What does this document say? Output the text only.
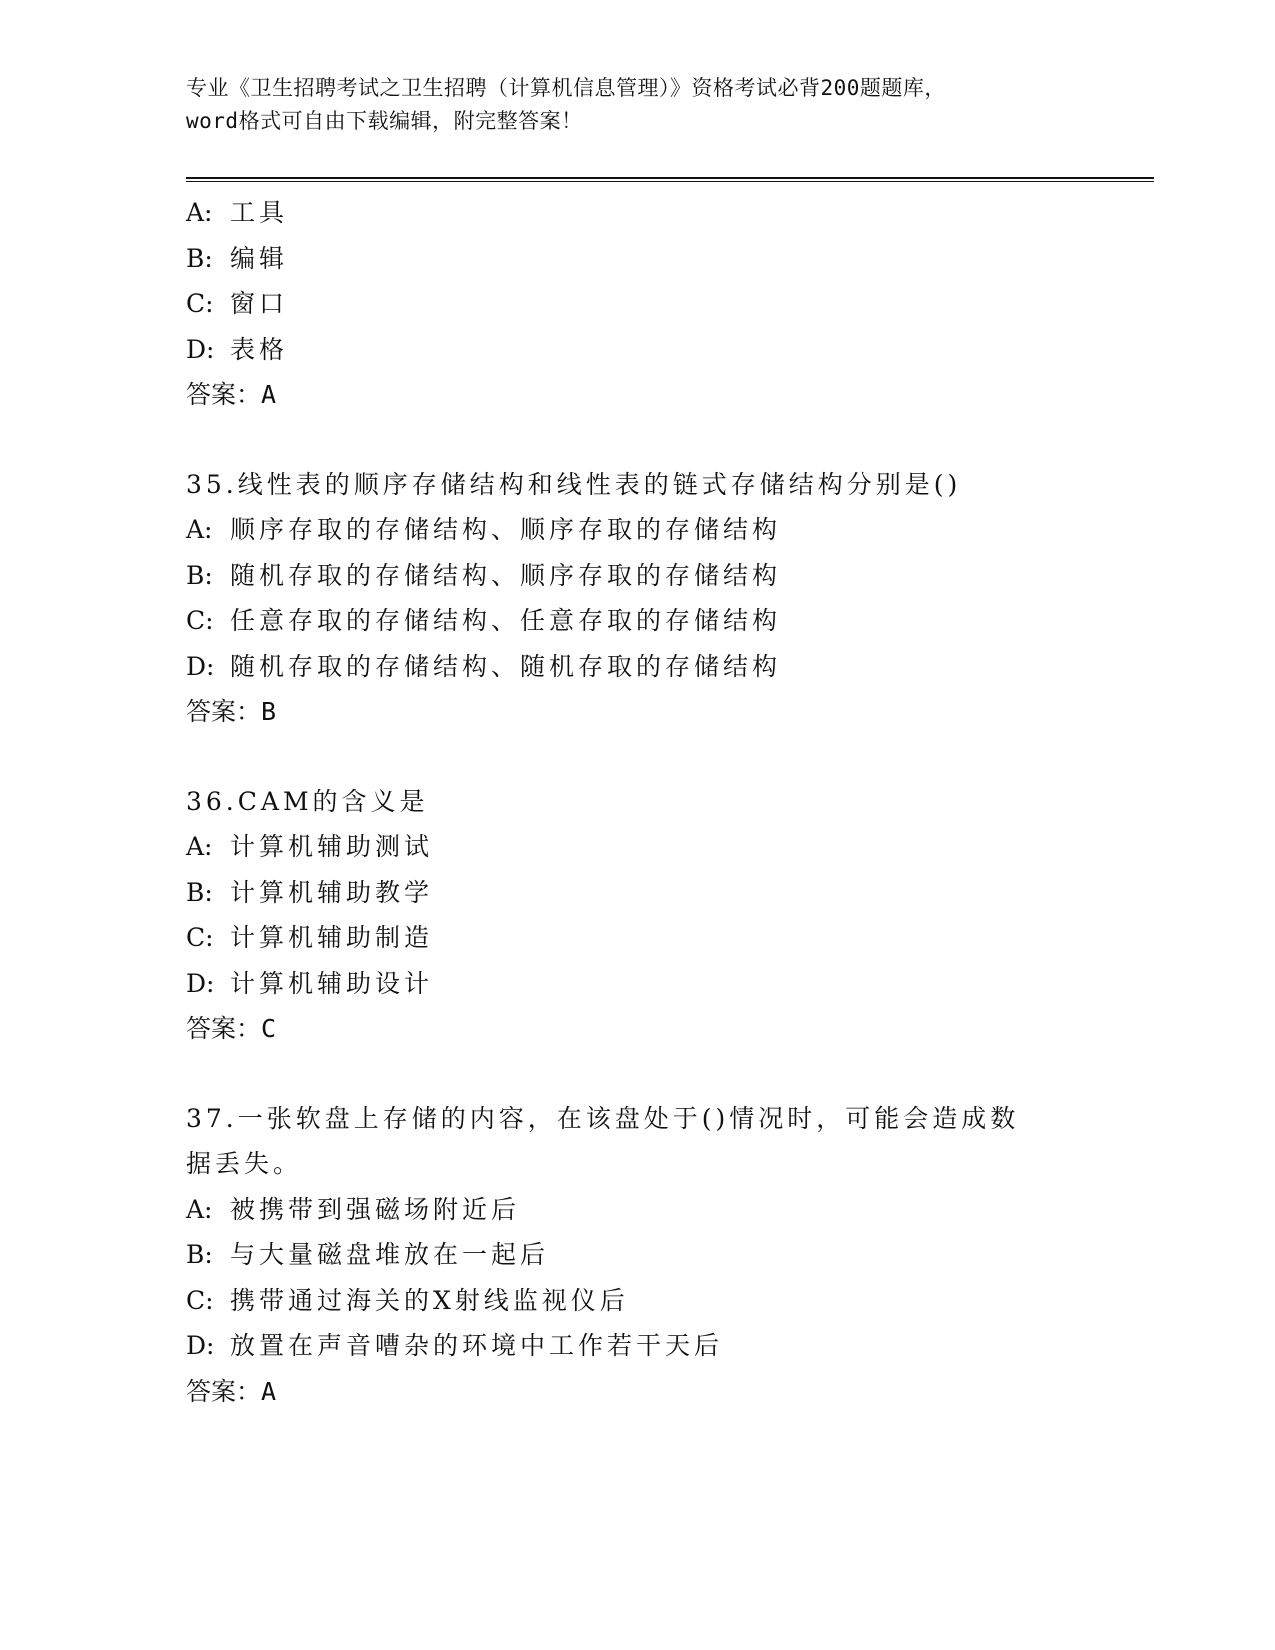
专业《卫生招聘考试之卫生招聘（计算机信息管理）》资格考试必背200题题库，
word格式可自由下载编辑，附完整答案！
A: 工具
B: 编辑
C: 窗口
D: 表格
答案：A
35.线性表的顺序存储结构和线性表的链式存储结构分别是()
A: 顺序存取的存储结构、顺序存取的存储结构
B: 随机存取的存储结构、顺序存取的存储结构
C: 任意存取的存储结构、任意存取的存储结构
D: 随机存取的存储结构、随机存取的存储结构
答案：B
36.CAM的含义是
A: 计算机辅助测试
B: 计算机辅助教学
C: 计算机辅助制造
D: 计算机辅助设计
答案：C
37.一张软盘上存储的内容，在该盘处于()情况时，可能会造成数据丢失。
A: 被携带到强磁场附近后
B: 与大量磁盘堆放在一起后
C: 携带通过海关的X射线监视仪后
D: 放置在声音嘈杂的环境中工作若干天后
答案：A
